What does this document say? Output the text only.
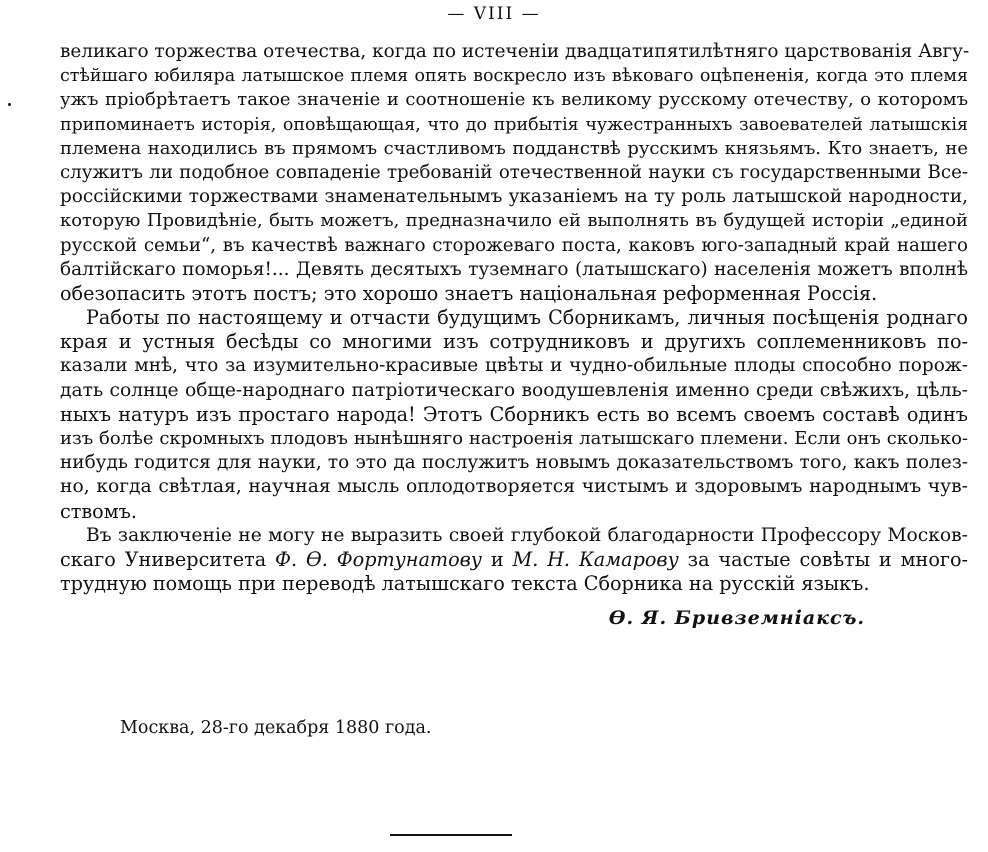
— VIII —
великаго торжества отечества, когда по истеченіи двадцатипятилѣтняго царствованія Авгу-
стѣйшаго юбиляра латышское племя опять воскресло изъ вѣковаго оцѣпененія, когда это племя
ужъ пріобрѣтаетъ такое значеніе и соотношеніе къ великому русскому отечеству, о которомъ
припоминаетъ исторія, оповѣщающая, что до прибытія чужестранныхъ завоевателей латышскія
племена находились въ прямомъ счастливомъ подданствѣ русскимъ князьямъ. Кто знаетъ, не
служитъ ли подобное совпаденіе требованій отечественной науки съ государственными Все-
россійскими торжествами знаменательнымъ указаніемъ на ту роль латышской народности,
которую Провидѣніе, быть можетъ, предназначило ей выполнять въ будущей исторіи „единой
русской семьи“, въ качествѣ важнаго сторожеваго поста, каковъ юго-западный край нашего
балтійскаго поморья!... Девять десятыхъ туземнаго (латышскаго) населенія можетъ вполнѣ
обезопасить этотъ постъ; это хорошо знаетъ національная реформенная Россія.
Работы по настоящему и отчасти будущимъ Сборникамъ, личныя посѣщенія роднаго
края и устныя бесѣды со многими изъ сотрудниковъ и другихъ соплеменниковъ по-
казали мнѣ, что за изумительно-красивые цвѣты и чудно-обильные плоды способно порож-
дать солнце обще-народнаго патріотическаго воодушевленія именно среди свѣжихъ, цѣль-
ныхъ натуръ изъ простаго народа! Этотъ Сборникъ есть во всемъ своемъ составѣ одинъ
изъ болѣе скромныхъ плодовъ нынѣшняго настроенія латышскаго племени. Если онъ сколько-
нибудь годится для науки, то это да послужитъ новымъ доказательствомъ того, какъ полез-
но, когда свѣтлая, научная мысль оплодотворяется чистымъ и здоровымъ народнымъ чув-
ствомъ.
Въ заключеніе не могу не выразить своей глубокой благодарности Профессору Москов-
скаго Университета Ф. Ѳ. Фортунатову и М. Н. Камарову за частые совѣты и много-
трудную помощь при переводѣ латышскаго текста Сборника на русскій языкъ.
Ѳ. Я. Бривземніаксъ.
Москва, 28-го декабря 1880 года.
